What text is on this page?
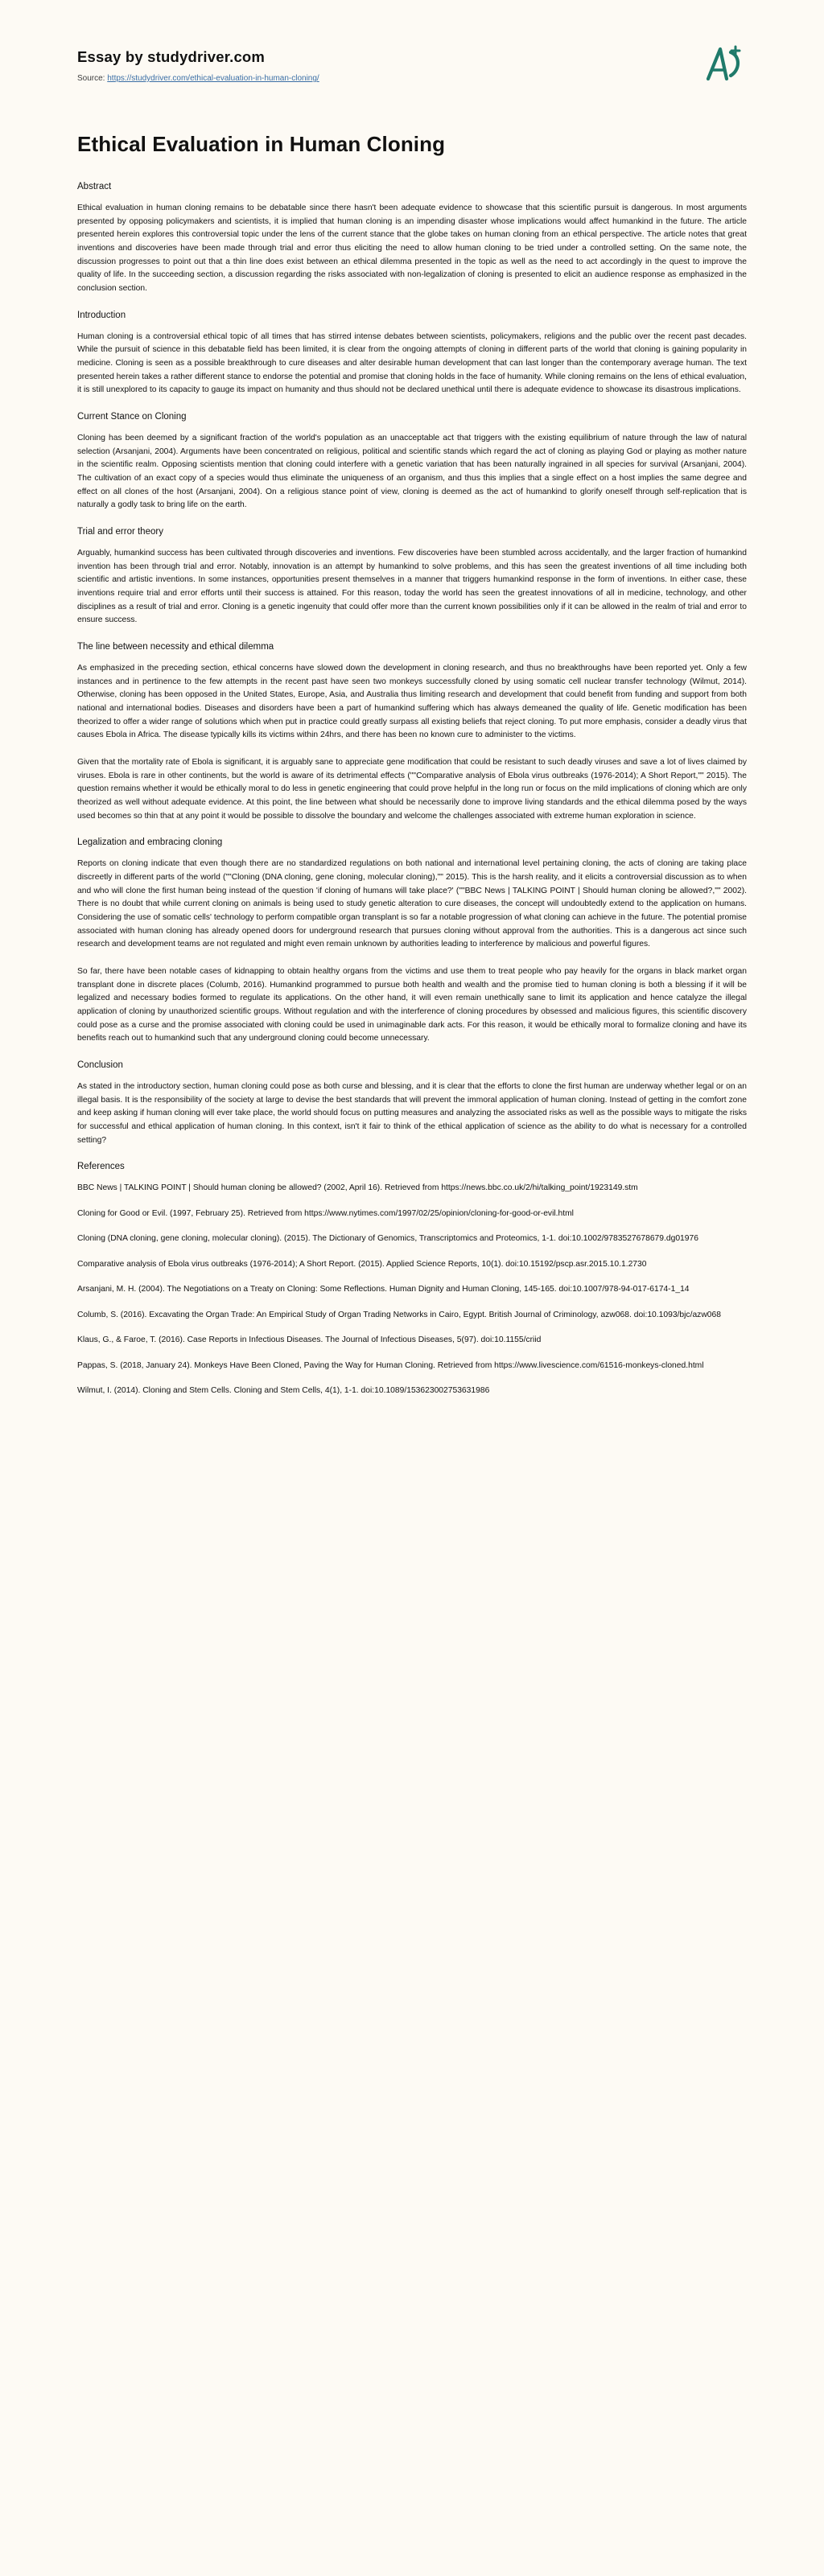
Essay by studydriver.com
Source: https://studydriver.com/ethical-evaluation-in-human-cloning/
Ethical Evaluation in Human Cloning
Abstract

Ethical evaluation in human cloning remains to be debatable since there hasn't been adequate evidence to showcase that this scientific pursuit is dangerous. In most arguments presented by opposing policymakers and scientists, it is implied that human cloning is an impending disaster whose implications would affect humankind in the future. The article presented herein explores this controversial topic under the lens of the current stance that the globe takes on human cloning from an ethical perspective. The article notes that great inventions and discoveries have been made through trial and error thus eliciting the need to allow human cloning to be tried under a controlled setting. On the same note, the discussion progresses to point out that a thin line does exist between an ethical dilemma presented in the topic as well as the need to act accordingly in the quest to improve the quality of life. In the succeeding section, a discussion regarding the risks associated with non-legalization of cloning is presented to elicit an audience response as emphasized in the conclusion section.

Introduction

Human cloning is a controversial ethical topic of all times that has stirred intense debates between scientists, policymakers, religions and the public over the recent past decades. While the pursuit of science in this debatable field has been limited, it is clear from the ongoing attempts of cloning in different parts of the world that cloning is gaining popularity in medicine. Cloning is seen as a possible breakthrough to cure diseases and alter desirable human development that can last longer than the contemporary average human. The text presented herein takes a rather different stance to endorse the potential and promise that cloning holds in the face of humanity. While cloning remains on the lens of ethical evaluation, it is still unexplored to its capacity to gauge its impact on humanity and thus should not be declared unethical until there is adequate evidence to showcase its disastrous implications.

Current Stance on Cloning

Cloning has been deemed by a significant fraction of the world's population as an unacceptable act that triggers with the existing equilibrium of nature through the law of natural selection (Arsanjani, 2004). Arguments have been concentrated on religious, political and scientific stands which regard the act of cloning as playing God or playing as mother nature in the scientific realm. Opposing scientists mention that cloning could interfere with a genetic variation that has been naturally ingrained in all species for survival (Arsanjani, 2004). The cultivation of an exact copy of a species would thus eliminate the uniqueness of an organism, and thus this implies that a single effect on a host implies the same degree and effect on all clones of the host (Arsanjani, 2004). On a religious stance point of view, cloning is deemed as the act of humankind to glorify oneself through self-replication that is naturally a godly task to bring life on the earth.

Trial and error theory

Arguably, humankind success has been cultivated through discoveries and inventions. Few discoveries have been stumbled across accidentally, and the larger fraction of humankind invention has been through trial and error. Notably, innovation is an attempt by humankind to solve problems, and this has seen the greatest inventions of all time including both scientific and artistic inventions. In some instances, opportunities present themselves in a manner that triggers humankind response in the form of inventions. In either case, these inventions require trial and error efforts until their success is attained. For this reason, today the world has seen the greatest innovations of all in medicine, technology, and other disciplines as a result of trial and error. Cloning is a genetic ingenuity that could offer more than the current known possibilities only if it can be allowed in the realm of trial and error to ensure success.

The line between necessity and ethical dilemma

As emphasized in the preceding section, ethical concerns have slowed down the development in cloning research, and thus no breakthroughs have been reported yet. Only a few instances and in pertinence to the few attempts in the recent past have seen two monkeys successfully cloned by using somatic cell nuclear transfer technology (Wilmut, 2014). Otherwise, cloning has been opposed in the United States, Europe, Asia, and Australia thus limiting research and development that could benefit from funding and support from both national and international bodies. Diseases and disorders have been a part of humankind suffering which has always demeaned the quality of life. Genetic modification has been theorized to offer a wider range of solutions which when put in practice could greatly surpass all existing beliefs that reject cloning. To put more emphasis, consider a deadly virus that causes Ebola in Africa. The disease typically kills its victims within 24hrs, and there has been no known cure to administer to the victims.

Given that the mortality rate of Ebola is significant, it is arguably sane to appreciate gene modification that could be resistant to such deadly viruses and save a lot of lives claimed by viruses. Ebola is rare in other continents, but the world is aware of its detrimental effects (""Comparative analysis of Ebola virus outbreaks (1976-2014); A Short Report,"" 2015). The question remains whether it would be ethically moral to do less in genetic engineering that could prove helpful in the long run or focus on the mild implications of cloning which are only theorized as well without adequate evidence. At this point, the line between what should be necessarily done to improve living standards and the ethical dilemma posed by the ways used becomes so thin that at any point it would be possible to dissolve the boundary and welcome the challenges associated with extreme human exploration in science.

Legalization and embracing cloning

Reports on cloning indicate that even though there are no standardized regulations on both national and international level pertaining cloning, the acts of cloning are taking place discreetly in different parts of the world (""Cloning (DNA cloning, gene cloning, molecular cloning),"" 2015). This is the harsh reality, and it elicits a controversial discussion as to when and who will clone the first human being instead of the question 'if cloning of humans will take place?' (""BBC News | TALKING POINT | Should human cloning be allowed?,"" 2002). There is no doubt that while current cloning on animals is being used to study genetic alteration to cure diseases, the concept will undoubtedly extend to the application on humans. Considering the use of somatic cells' technology to perform compatible organ transplant is so far a notable progression of what cloning can achieve in the future. The potential promise associated with human cloning has already opened doors for underground research that pursues cloning without approval from the authorities. This is a dangerous act since such research and development teams are not regulated and might even remain unknown by authorities leading to interference by malicious and powerful figures.

So far, there have been notable cases of kidnapping to obtain healthy organs from the victims and use them to treat people who pay heavily for the organs in black market organ transplant done in discrete places (Columb, 2016). Humankind programmed to pursue both health and wealth and the promise tied to human cloning is both a blessing if it will be legalized and necessary bodies formed to regulate its applications. On the other hand, it will even remain unethically sane to limit its application and hence catalyze the illegal application of cloning by unauthorized scientific groups. Without regulation and with the interference of cloning procedures by obsessed and malicious figures, this scientific discovery could pose as a curse and the promise associated with cloning could be used in unimaginable dark acts. For this reason, it would be ethically moral to formalize cloning and have its benefits reach out to humankind such that any underground cloning could become unnecessary.

Conclusion

As stated in the introductory section, human cloning could pose as both curse and blessing, and it is clear that the efforts to clone the first human are underway whether legal or on an illegal basis. It is the responsibility of the society at large to devise the best standards that will prevent the immoral application of human cloning. Instead of getting in the comfort zone and keep asking if human cloning will ever take place, the world should focus on putting measures and analyzing the associated risks as well as the possible ways to mitigate the risks for successful and ethical application of human cloning. In this context, isn't it fair to think of the ethical application of science as the ability to do what is necessary for a controlled setting?

References
BBC News | TALKING POINT | Should human cloning be allowed? (2002, April 16). Retrieved from https://news.bbc.co.uk/2/hi/talking_point/1923149.stm
Cloning for Good or Evil. (1997, February 25). Retrieved from https://www.nytimes.com/1997/02/25/opinion/cloning-for-good-or-evil.html
Cloning (DNA cloning, gene cloning, molecular cloning). (2015). The Dictionary of Genomics, Transcriptomics and Proteomics, 1-1. doi:10.1002/9783527678679.dg01976
Comparative analysis of Ebola virus outbreaks (1976-2014); A Short Report. (2015). Applied Science Reports, 10(1). doi:10.15192/pscp.asr.2015.10.1.2730
Arsanjani, M. H. (2004). The Negotiations on a Treaty on Cloning: Some Reflections. Human Dignity and Human Cloning, 145-165. doi:10.1007/978-94-017-6174-1_14
Columb, S. (2016). Excavating the Organ Trade: An Empirical Study of Organ Trading Networks in Cairo, Egypt. British Journal of Criminology, azw068. doi:10.1093/bjc/azw068
Klaus, G., & Faroe, T. (2016). Case Reports in Infectious Diseases. The Journal of Infectious Diseases, 5(97). doi:10.1155/criid
Pappas, S. (2018, January 24). Monkeys Have Been Cloned, Paving the Way for Human Cloning. Retrieved from https://www.livescience.com/61516-monkeys-cloned.html
Wilmut, I. (2014). Cloning and Stem Cells. Cloning and Stem Cells, 4(1), 1-1. doi:10.1089/153623002753631986
